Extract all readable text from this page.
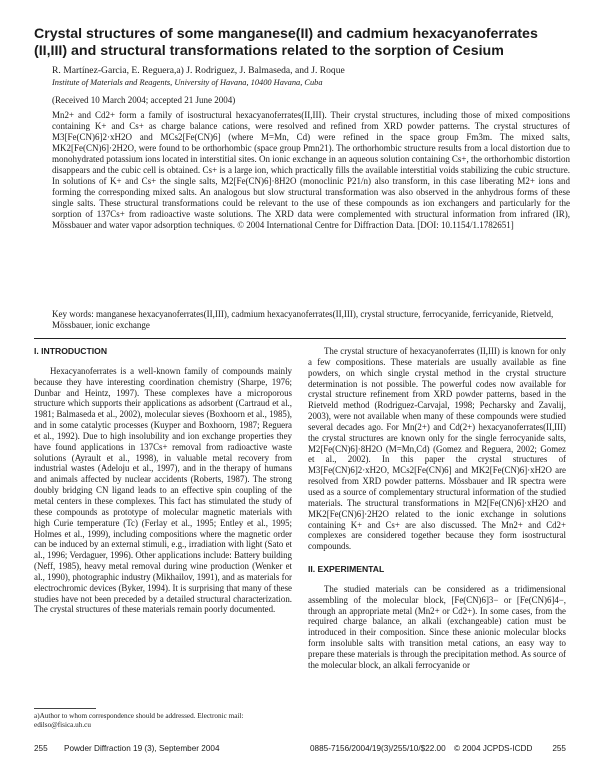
Crystal structures of some manganese(II) and cadmium hexacyanoferrates (II,III) and structural transformations related to the sorption of Cesium
R. Martínez-Garcia, E. Reguera,a) J. Rodriguez, J. Balmaseda, and J. Roque
Institute of Materials and Reagents, University of Havana, 10400 Havana, Cuba
(Received 10 March 2004; accepted 21 June 2004)

Mn2+ and Cd2+ form a family of isostructural hexacyanoferrates(II,III). Their crystal structures, including those of mixed compositions containing K+ and Cs+ as charge balance cations, were resolved and refined from XRD powder patterns. The crystal structures of M3[Fe(CN)6]2·xH2O and MCs2[Fe(CN)6] (where M=Mn, Cd) were refined in the space group Fm3m. The mixed salts, MK2[Fe(CN)6]·2H2O, were found to be orthorhombic (space group Pmn21). The orthorhombic structure results from a local distortion due to monohydrated potassium ions located in interstitial sites. On ionic exchange in an aqueous solution containing Cs+, the orthorhombic distortion disappears and the cubic cell is obtained. Cs+ is a large ion, which practically fills the available interstitial voids stabilizing the cubic structure. In solutions of K+ and Cs+ the single salts, M2[Fe(CN)6]·8H2O (monoclinic P21/n) also transform, in this case liberating M2+ ions and forming the corresponding mixed salts. An analogous but slow structural transformation was also observed in the anhydrous forms of these single salts. These structural transformations could be relevant to the use of these compounds as ion exchangers and particularly for the sorption of 137Cs+ from radioactive waste solutions. The XRD data were complemented with structural information from infrared (IR), Mössbauer and water vapor adsorption techniques. © 2004 International Centre for Diffraction Data. [DOI: 10.1154/1.1782651]

Key words: manganese hexacyanoferrates(II,III), cadmium hexacyanoferrates(II,III), crystal structure, ferrocyanide, ferricyanide, Rietveld, Mössbauer, ionic exchange

I. INTRODUCTION

Hexacyanoferrates is a well-known family of compounds mainly because they have interesting coordination chemistry (Sharpe, 1976; Dunbar and Heintz, 1997). These complexes have a microporous structure which supports their applications as adsorbent (Cartraud et al., 1981; Balmaseda et al., 2002), molecular sieves (Boxhoorn et al., 1985), and in some catalytic processes (Kuyper and Boxhoorn, 1987; Reguera et al., 1992). Due to high insolubility and ion exchange properties they have found applications in 137Cs+ removal from radioactive waste solutions (Ayrault et al., 1998), in valuable metal recovery from industrial wastes (Adeloju et al., 1997), and in the therapy of humans and animals affected by nuclear accidents (Roberts, 1987). The strong doubly bridging CN ligand leads to an effective spin coupling of the metal centers in these complexes. This fact has stimulated the study of these compounds as prototype of molecular magnetic materials with high Curie temperature (Tc) (Ferlay et al., 1995; Entley et al., 1995; Holmes et al., 1999), including compositions where the magnetic order can be induced by an external stimuli, e.g., irradiation with light (Sato et al., 1996; Verdaguer, 1996). Other applications include: Battery building (Neff, 1985), heavy metal removal during wine production (Wenker et al., 1990), photographic industry (Mikhailov, 1991), and as materials for electrochromic devices (Byker, 1994). It is surprising that many of these studies have not been preceded by a detailed structural characterization. The crystal structures of these materials remain poorly documented.

The crystal structure of hexacyanoferrates (II,III) is known for only a few compositions. These materials are usually available as fine powders, on which single crystal method in the crystal structure determination is not possible. The powerful codes now available for crystal structure refinement from XRD powder patterns, based in the Rietveld method (Rodriguez-Carvajal, 1998; Pecharsky and Zavalij, 2003), were not available when many of these compounds were studied several decades ago. For Mn(2+) and Cd(2+) hexacyanoferrates(II,III) the crystal structures are known only for the single ferrocyanide salts, M2[Fe(CN)6]·8H2O (M=Mn,Cd) (Gomez and Reguera, 2002; Gomez et al., 2002). In this paper the crystal structures of M3[Fe(CN)6]2·xH2O, MCs2[Fe(CN)6] and MK2[Fe(CN)6]·xH2O are resolved from XRD powder patterns. Mössbauer and IR spectra were used as a source of complementary structural information of the studied materials. The structural transformations in M2[Fe(CN)6]·xH2O and MK2[Fe(CN)6]·2H2O related to the ionic exchange in solutions containing K+ and Cs+ are also discussed. The Mn2+ and Cd2+ complexes are considered together because they form isostructural compounds.

II. EXPERIMENTAL

The studied materials can be considered as a tridimensional assembling of the molecular block, [Fe(CN)6]3− or [Fe(CN)6]4−, through an appropriate metal (Mn2+ or Cd2+). In some cases, from the required charge balance, an alkali (exchangeable) cation must be introduced in their composition. Since these anionic molecular blocks form insoluble salts with transition metal cations, an easy way to prepare these materials is through the precipitation method. As source of the molecular block, an alkali ferrocyanide or

a)Author to whom correspondence should be addressed. Electronic mail: edilso@fisica.uh.cu
255 Powder Diffraction 19 (3), September 2004	0885-7156/2004/19(3)/255/10/$22.00 © 2004 JCPDS-ICDD 255
